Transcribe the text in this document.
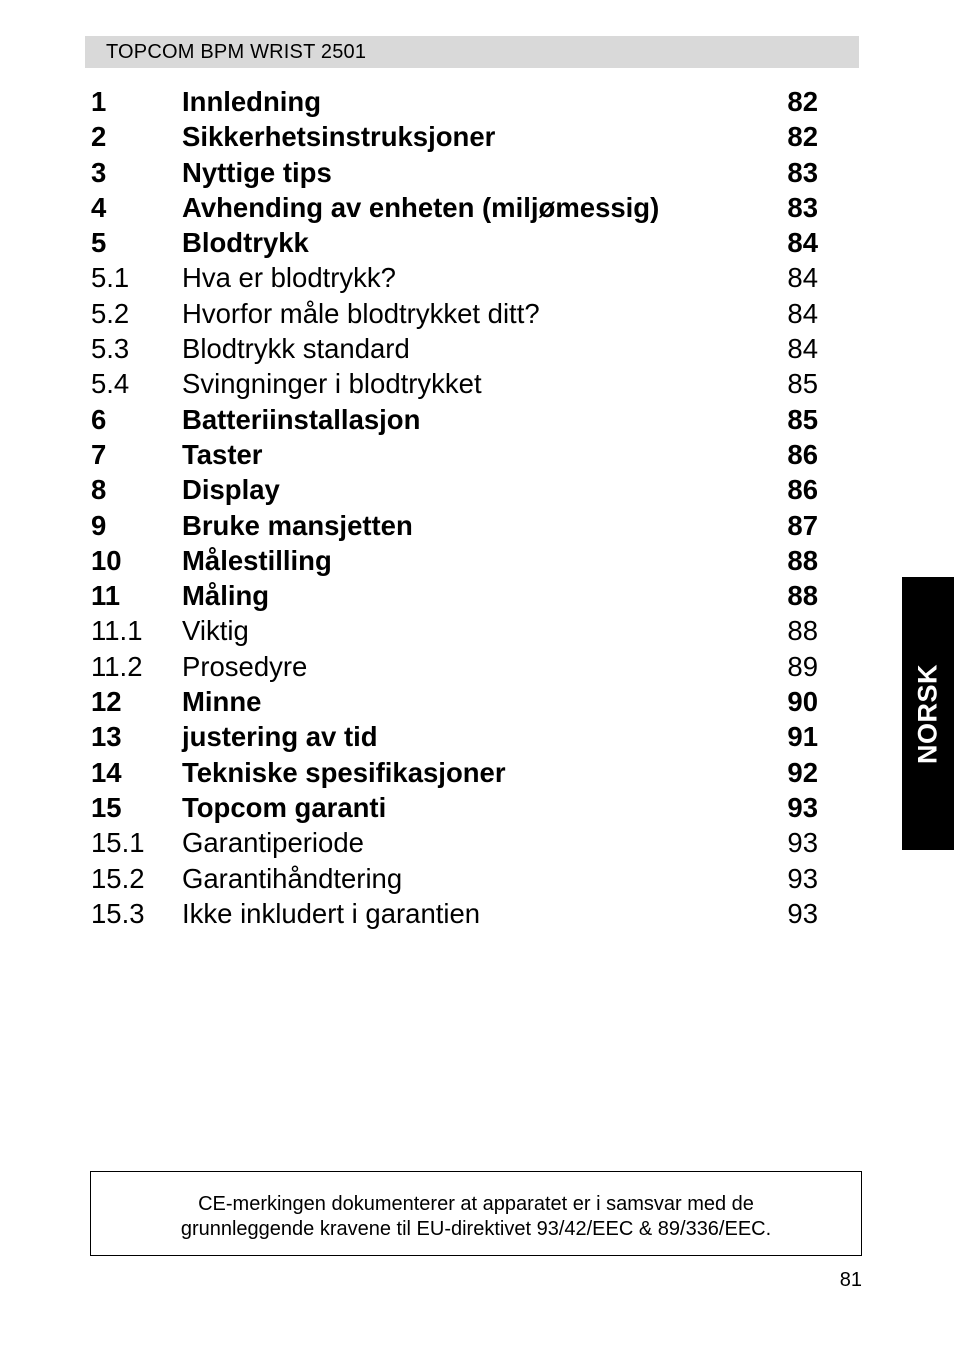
TOPCOM BPM WRIST 2501
1	Innledning	82
2	Sikkerhetsinstruksjoner	82
3	Nyttige tips	83
4	Avhending av enheten (miljømessig)	83
5	Blodtrykk	84
5.1 Hva er blodtrykk?	84
5.2 Hvorfor måle blodtrykket ditt?	84
5.3 Blodtrykk standard	84
5.4 Svingninger i blodtrykket	85
6	Batteriinstallasjon	85
7	Taster	86
8	Display	86
9	Bruke mansjetten	87
10 Målestilling	88
11 Måling	88
11.1 Viktig	88
11.2 Prosedyre	89
12 Minne	90
13 justering av tid	91
14 Tekniske spesifikasjoner	92
15 Topcom garanti	93
15.1 Garantiperiode	93
15.2 Garantihåndtering	93
15.3 Ikke inkludert i garantien	93
NORSK
CE-merkingen dokumenterer at apparatet er i samsvar med de
grunnleggende kravene til EU-direktivet 93/42/EEC & 89/336/EEC.
81
